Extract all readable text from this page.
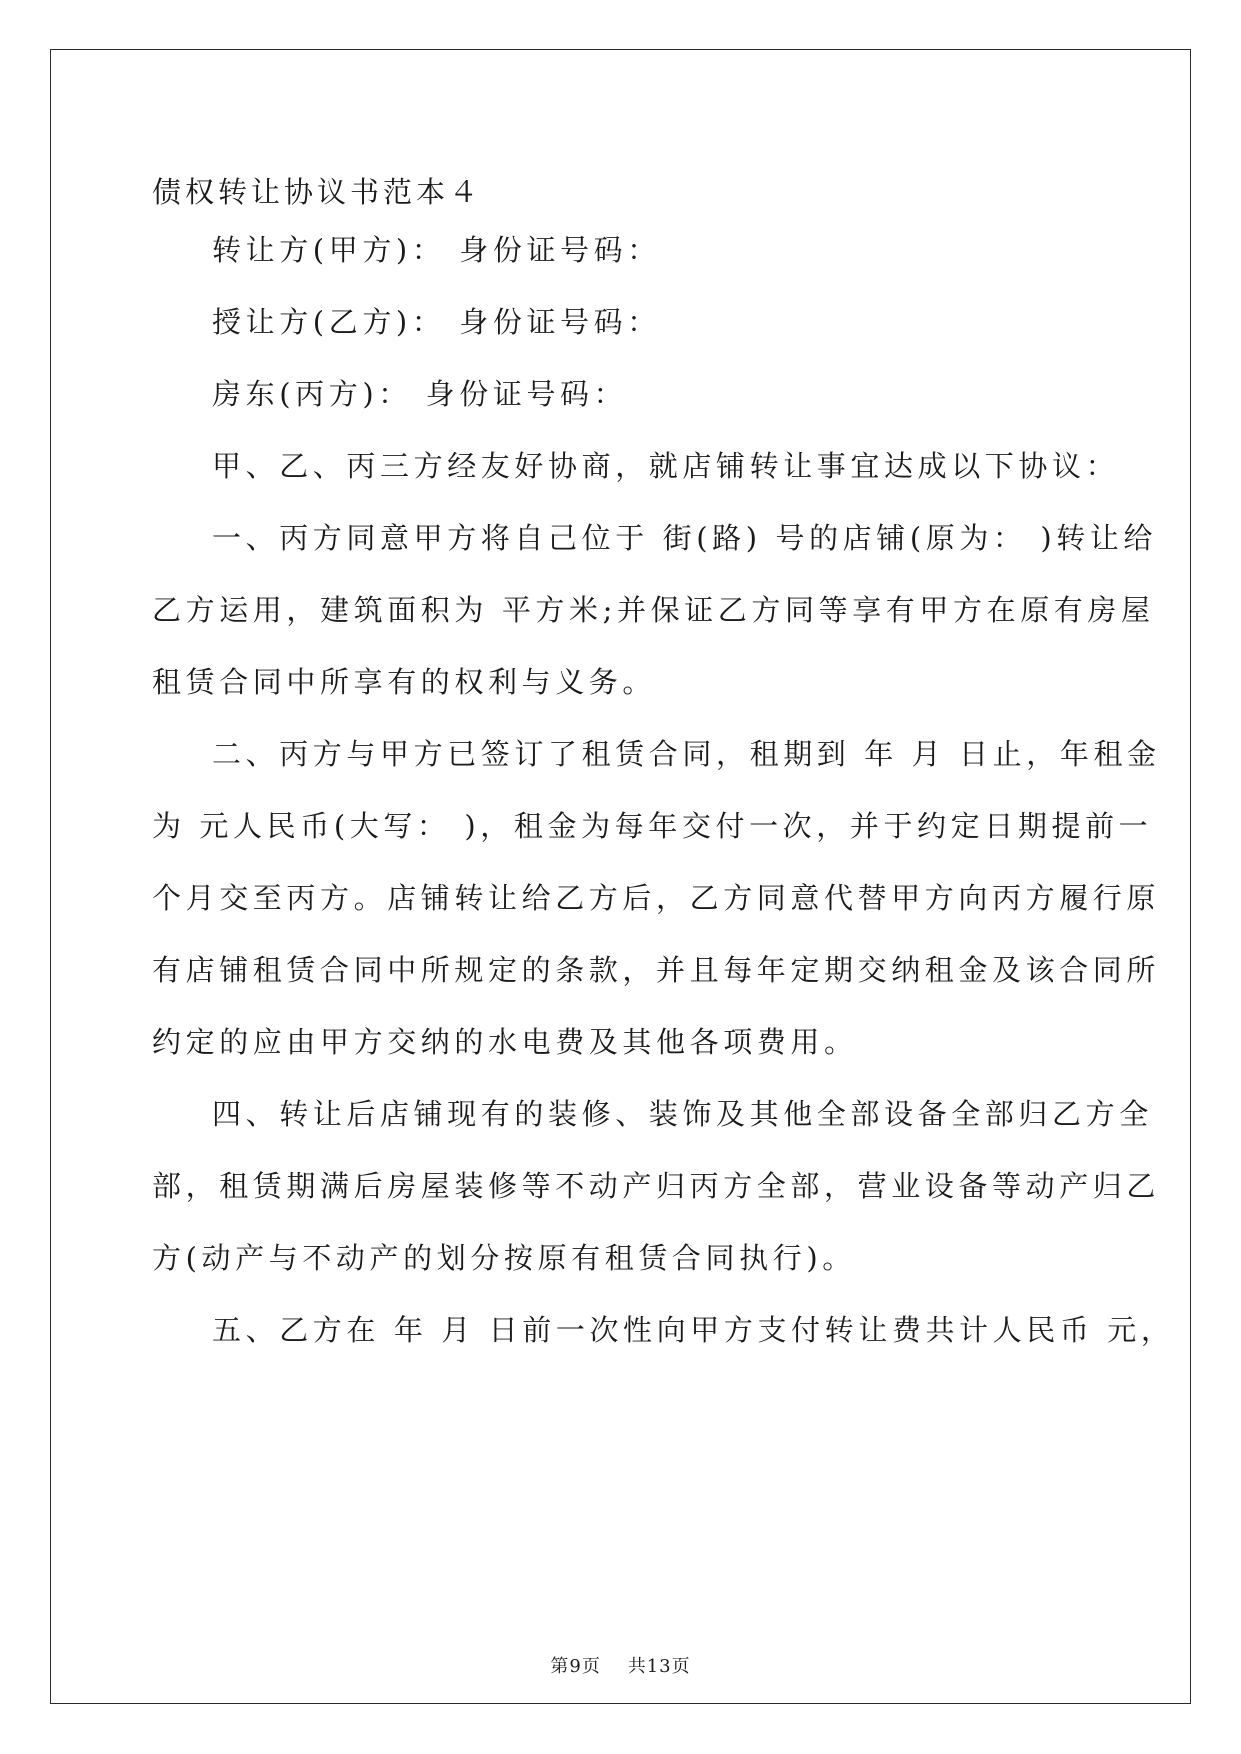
债权转让协议书范本４

转让方(甲方)： 身份证号码：

授让方(乙方)： 身份证号码：

房东(丙方)： 身份证号码：

甲、乙、丙三方经友好协商，就店铺转让事宜达成以下协议：

一、丙方同意甲方将自己位于 街(路) 号的店铺(原为： )转让给

乙方运用，建筑面积为 平方米;并保证乙方同等享有甲方在原有房屋

租赁合同中所享有的权利与义务。

二、丙方与甲方已签订了租赁合同，租期到 年 月 日止，年租金

为 元人民币(大写： )，租金为每年交付一次，并于约定日期提前一

个月交至丙方。店铺转让给乙方后，乙方同意代替甲方向丙方履行原

有店铺租赁合同中所规定的条款，并且每年定期交纳租金及该合同所

约定的应由甲方交纳的水电费及其他各项费用。

四、转让后店铺现有的装修、装饰及其他全部设备全部归乙方全

部，租赁期满后房屋装修等不动产归丙方全部，营业设备等动产归乙

方(动产与不动产的划分按原有租赁合同执行)。

五、乙方在 年 月 日前一次性向甲方支付转让费共计人民币 元，

第9页 共13页
